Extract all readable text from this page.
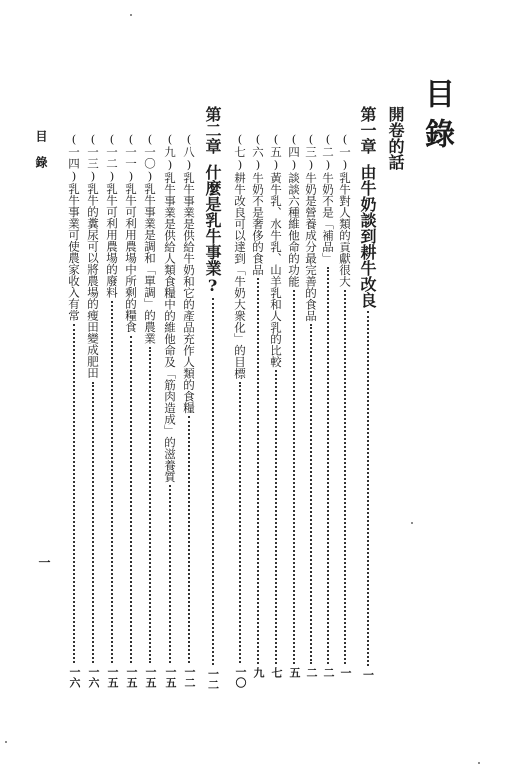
目錄
開卷的話
第一章
由牛奶談到耕牛改良
一
(一)
乳牛對人類的貢獻很大
一
(二)
牛奶不是「補品」
二
(三)
牛奶是營養成分最完善的食品
二
(四)
談談六種維他命的功能
五
(五)
黃牛乳、水牛乳、山羊乳和人乳的比較
七
(六)
牛奶不是奢侈的食品
九
(七)
耕牛改良可以達到「牛奶大衆化」的目標
一〇
第二章
什麼是乳牛事業?
一二
(八)
乳牛事業是供給牛奶和它的產品充作人類的食糧
一二
(九)
乳牛事業是供給人類食糧中的維他命及「筋肉造成」的滋養質
一五
(一〇)
乳牛事業是調和「單調」的農業
一五
(一一)
乳牛可利用農場中所剩的糧食
一五
(一二)
乳牛可利用農場的廢料
一五
(一三)
乳牛的糞尿可以將農場的瘦田變成肥田
一六
(一四)
乳牛事業可使農家收入有常
一六
目錄
一
